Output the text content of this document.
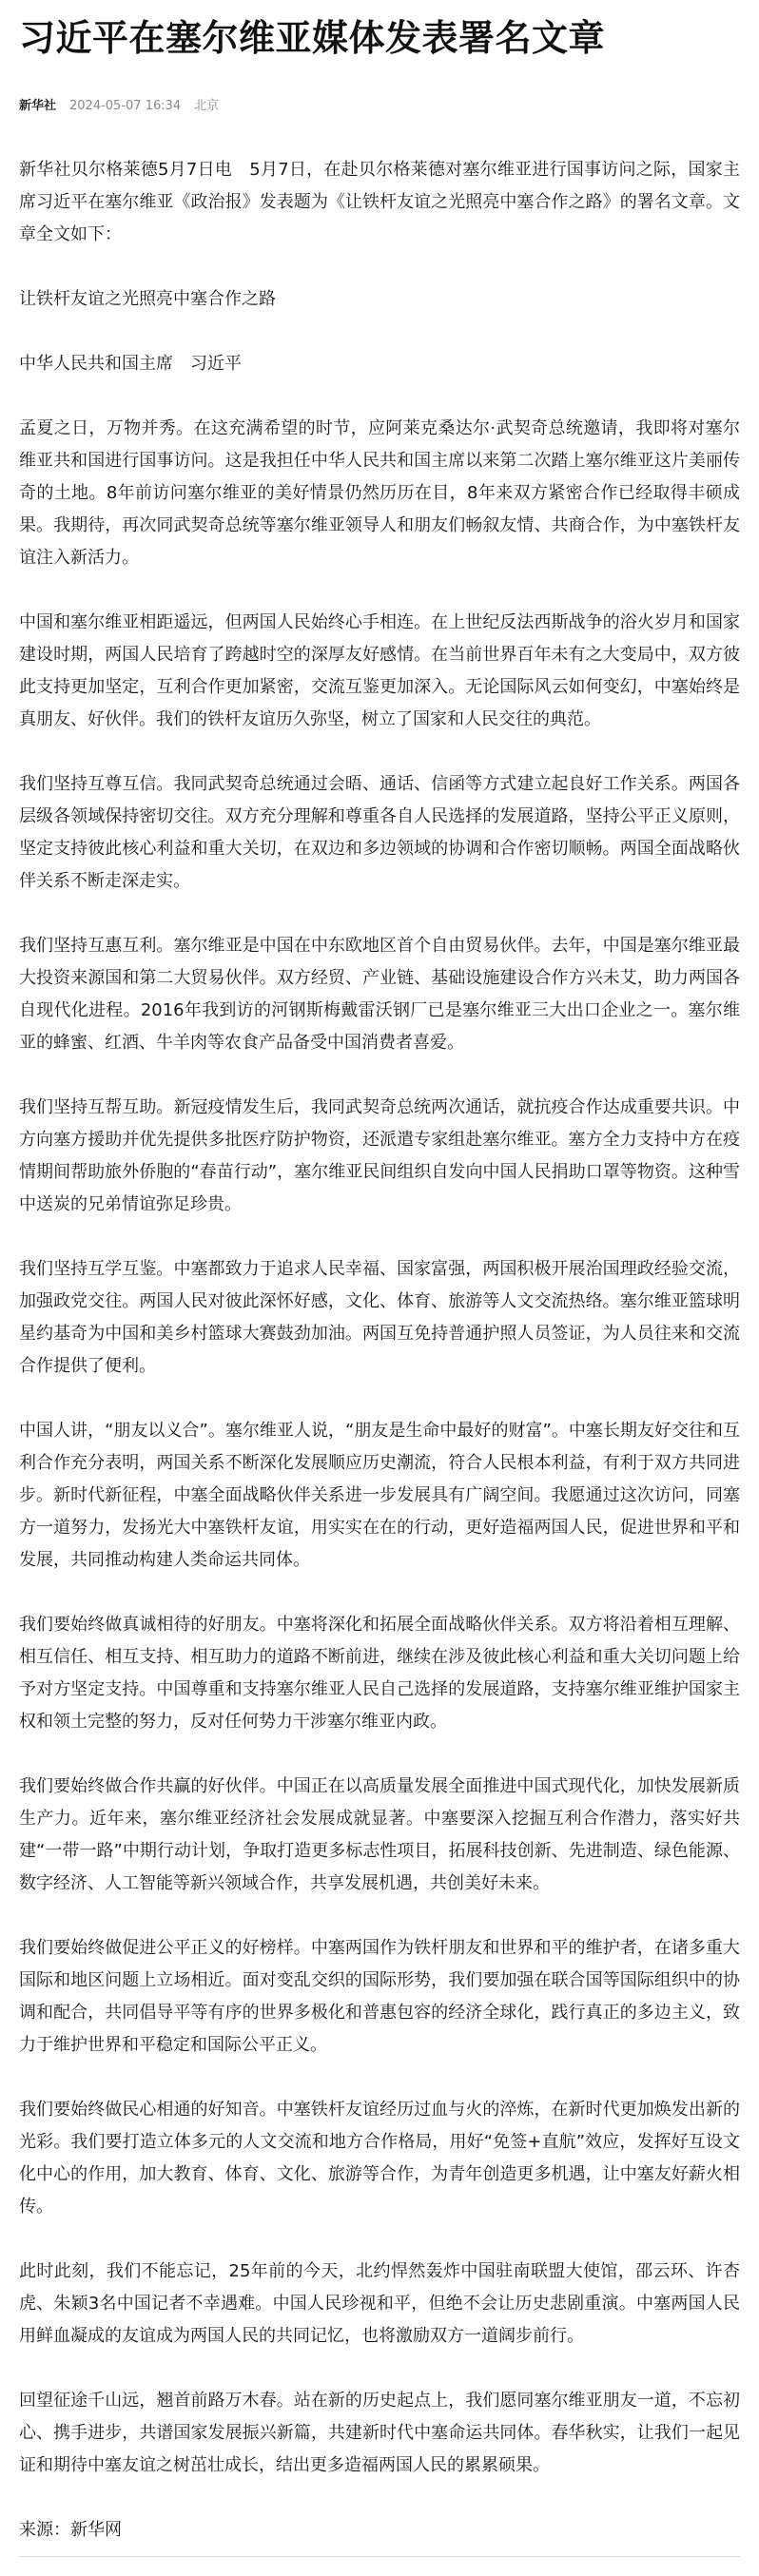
习近平在塞尔维亚媒体发表署名文章
新华社 2024-05-07 16:34 北京

新华社贝尔格莱德5月7日电　5月7日，在赴贝尔格莱德对塞尔维亚进行国事访问之际，国家主席习近平在塞尔维亚《政治报》发表题为《让铁杆友谊之光照亮中塞合作之路》的署名文章。文章全文如下：

让铁杆友谊之光照亮中塞合作之路

中华人民共和国主席　习近平

孟夏之日，万物并秀。在这充满希望的时节，应阿莱克桑达尔·武契奇总统邀请，我即将对塞尔维亚共和国进行国事访问。这是我担任中华人民共和国主席以来第二次踏上塞尔维亚这片美丽传奇的土地。8年前访问塞尔维亚的美好情景仍然历历在目，8年来双方紧密合作已经取得丰硕成果。我期待，再次同武契奇总统等塞尔维亚领导人和朋友们畅叙友情、共商合作，为中塞铁杆友谊注入新活力。

中国和塞尔维亚相距遥远，但两国人民始终心手相连。在上世纪反法西斯战争的浴火岁月和国家建设时期，两国人民培育了跨越时空的深厚友好感情。在当前世界百年未有之大变局中，双方彼此支持更加坚定，互利合作更加紧密，交流互鉴更加深入。无论国际风云如何变幻，中塞始终是真朋友、好伙伴。我们的铁杆友谊历久弥坚，树立了国家和人民交往的典范。

我们坚持互尊互信。我同武契奇总统通过会晤、通话、信函等方式建立起良好工作关系。两国各层级各领域保持密切交往。双方充分理解和尊重各自人民选择的发展道路，坚持公平正义原则，坚定支持彼此核心利益和重大关切，在双边和多边领域的协调和合作密切顺畅。两国全面战略伙伴关系不断走深走实。

我们坚持互惠互利。塞尔维亚是中国在中东欧地区首个自由贸易伙伴。去年，中国是塞尔维亚最大投资来源国和第二大贸易伙伴。双方经贸、产业链、基础设施建设合作方兴未艾，助力两国各自现代化进程。2016年我到访的河钢斯梅戴雷沃钢厂已是塞尔维亚三大出口企业之一。塞尔维亚的蜂蜜、红酒、牛羊肉等农食产品备受中国消费者喜爱。

我们坚持互帮互助。新冠疫情发生后，我同武契奇总统两次通话，就抗疫合作达成重要共识。中方向塞方援助并优先提供多批医疗防护物资，还派遣专家组赴塞尔维亚。塞方全力支持中方在疫情期间帮助旅外侨胞的“春苗行动”，塞尔维亚民间组织自发向中国人民捐助口罩等物资。这种雪中送炭的兄弟情谊弥足珍贵。

我们坚持互学互鉴。中塞都致力于追求人民幸福、国家富强，两国积极开展治国理政经验交流，加强政党交往。两国人民对彼此深怀好感，文化、体育、旅游等人文交流热络。塞尔维亚篮球明星约基奇为中国和美乡村篮球大赛鼓劲加油。两国互免持普通护照人员签证，为人员往来和交流合作提供了便利。

中国人讲，“朋友以义合”。塞尔维亚人说，“朋友是生命中最好的财富”。中塞长期友好交往和互利合作充分表明，两国关系不断深化发展顺应历史潮流，符合人民根本利益，有利于双方共同进步。新时代新征程，中塞全面战略伙伴关系进一步发展具有广阔空间。我愿通过这次访问，同塞方一道努力，发扬光大中塞铁杆友谊，用实实在在的行动，更好造福两国人民，促进世界和平和发展，共同推动构建人类命运共同体。

我们要始终做真诚相待的好朋友。中塞将深化和拓展全面战略伙伴关系。双方将沿着相互理解、相互信任、相互支持、相互助力的道路不断前进，继续在涉及彼此核心利益和重大关切问题上给予对方坚定支持。中国尊重和支持塞尔维亚人民自己选择的发展道路，支持塞尔维亚维护国家主权和领土完整的努力，反对任何势力干涉塞尔维亚内政。

我们要始终做合作共赢的好伙伴。中国正在以高质量发展全面推进中国式现代化，加快发展新质生产力。近年来，塞尔维亚经济社会发展成就显著。中塞要深入挖掘互利合作潜力，落实好共建“一带一路”中期行动计划，争取打造更多标志性项目，拓展科技创新、先进制造、绿色能源、数字经济、人工智能等新兴领域合作，共享发展机遇，共创美好未来。

我们要始终做促进公平正义的好榜样。中塞两国作为铁杆朋友和世界和平的维护者，在诸多重大国际和地区问题上立场相近。面对变乱交织的国际形势，我们要加强在联合国等国际组织中的协调和配合，共同倡导平等有序的世界多极化和普惠包容的经济全球化，践行真正的多边主义，致力于维护世界和平稳定和国际公平正义。

我们要始终做民心相通的好知音。中塞铁杆友谊经历过血与火的淬炼，在新时代更加焕发出新的光彩。我们要打造立体多元的人文交流和地方合作格局，用好“免签+直航”效应，发挥好互设文化中心的作用，加大教育、体育、文化、旅游等合作，为青年创造更多机遇，让中塞友好薪火相传。

此时此刻，我们不能忘记，25年前的今天，北约悍然轰炸中国驻南联盟大使馆，邵云环、许杏虎、朱颖3名中国记者不幸遇难。中国人民珍视和平，但绝不会让历史悲剧重演。中塞两国人民用鲜血凝成的友谊成为两国人民的共同记忆，也将激励双方一道阔步前行。

回望征途千山远，翘首前路万木春。站在新的历史起点上，我们愿同塞尔维亚朋友一道，不忘初心、携手进步，共谱国家发展振兴新篇，共建新时代中塞命运共同体。春华秋实，让我们一起见证和期待中塞友谊之树茁壮成长，结出更多造福两国人民的累累硕果。

来源：新华网
